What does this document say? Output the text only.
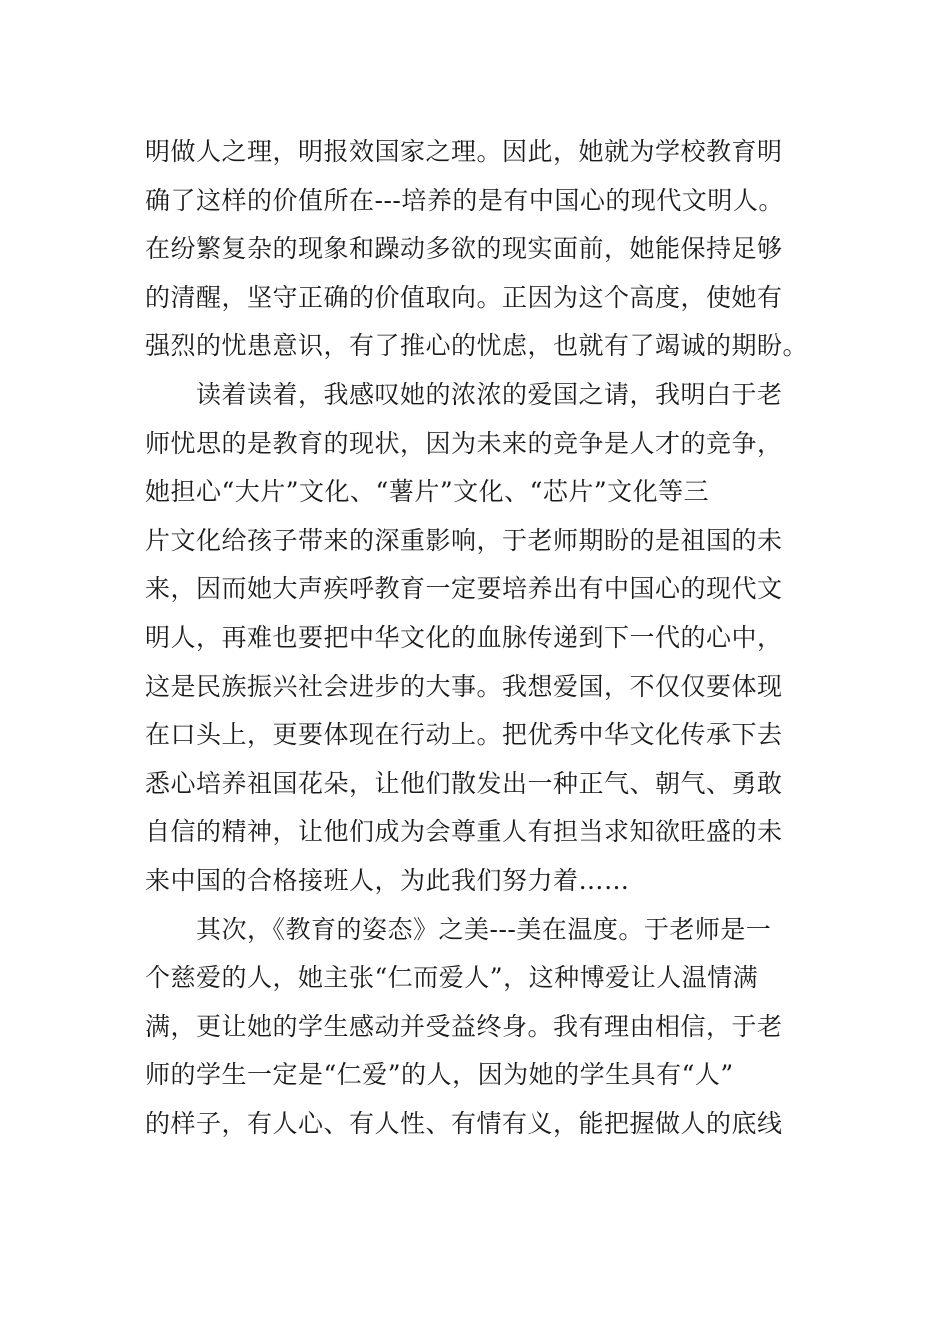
明做人之理，明报效国家之理。因此，她就为学校教育明
确了这样的价值所在---培养的是有中国心的现代文明人。
在纷繁复杂的现象和躁动多欲的现实面前，她能保持足够
的清醒，坚守正确的价值取向。正因为这个高度，使她有
强烈的忧患意识，有了推心的忧虑，也就有了竭诚的期盼。
读着读着，我感叹她的浓浓的爱国之请，我明白于老
师忧思的是教育的现状，因为未来的竞争是人才的竞争，
她担心“大片”文化、“薯片”文化、“芯片”文化等三
片文化给孩子带来的深重影响，于老师期盼的是祖国的未
来，因而她大声疾呼教育一定要培养出有中国心的现代文
明人，再难也要把中华文化的血脉传递到下一代的心中，
这是民族振兴社会进步的大事。我想爱国，不仅仅要体现
在口头上，更要体现在行动上。把优秀中华文化传承下去
悉心培养祖国花朵，让他们散发出一种正气、朝气、勇敢
自信的精神，让他们成为会尊重人有担当求知欲旺盛的未
来中国的合格接班人，为此我们努力着……
其次，《教育的姿态》之美---美在温度。于老师是一
个慈爱的人，她主张“仁而爱人”，这种博爱让人温情满
满，更让她的学生感动并受益终身。我有理由相信，于老
师的学生一定是“仁爱”的人，因为她的学生具有“人”
的样子，有人心、有人性、有情有义，能把握做人的底线
